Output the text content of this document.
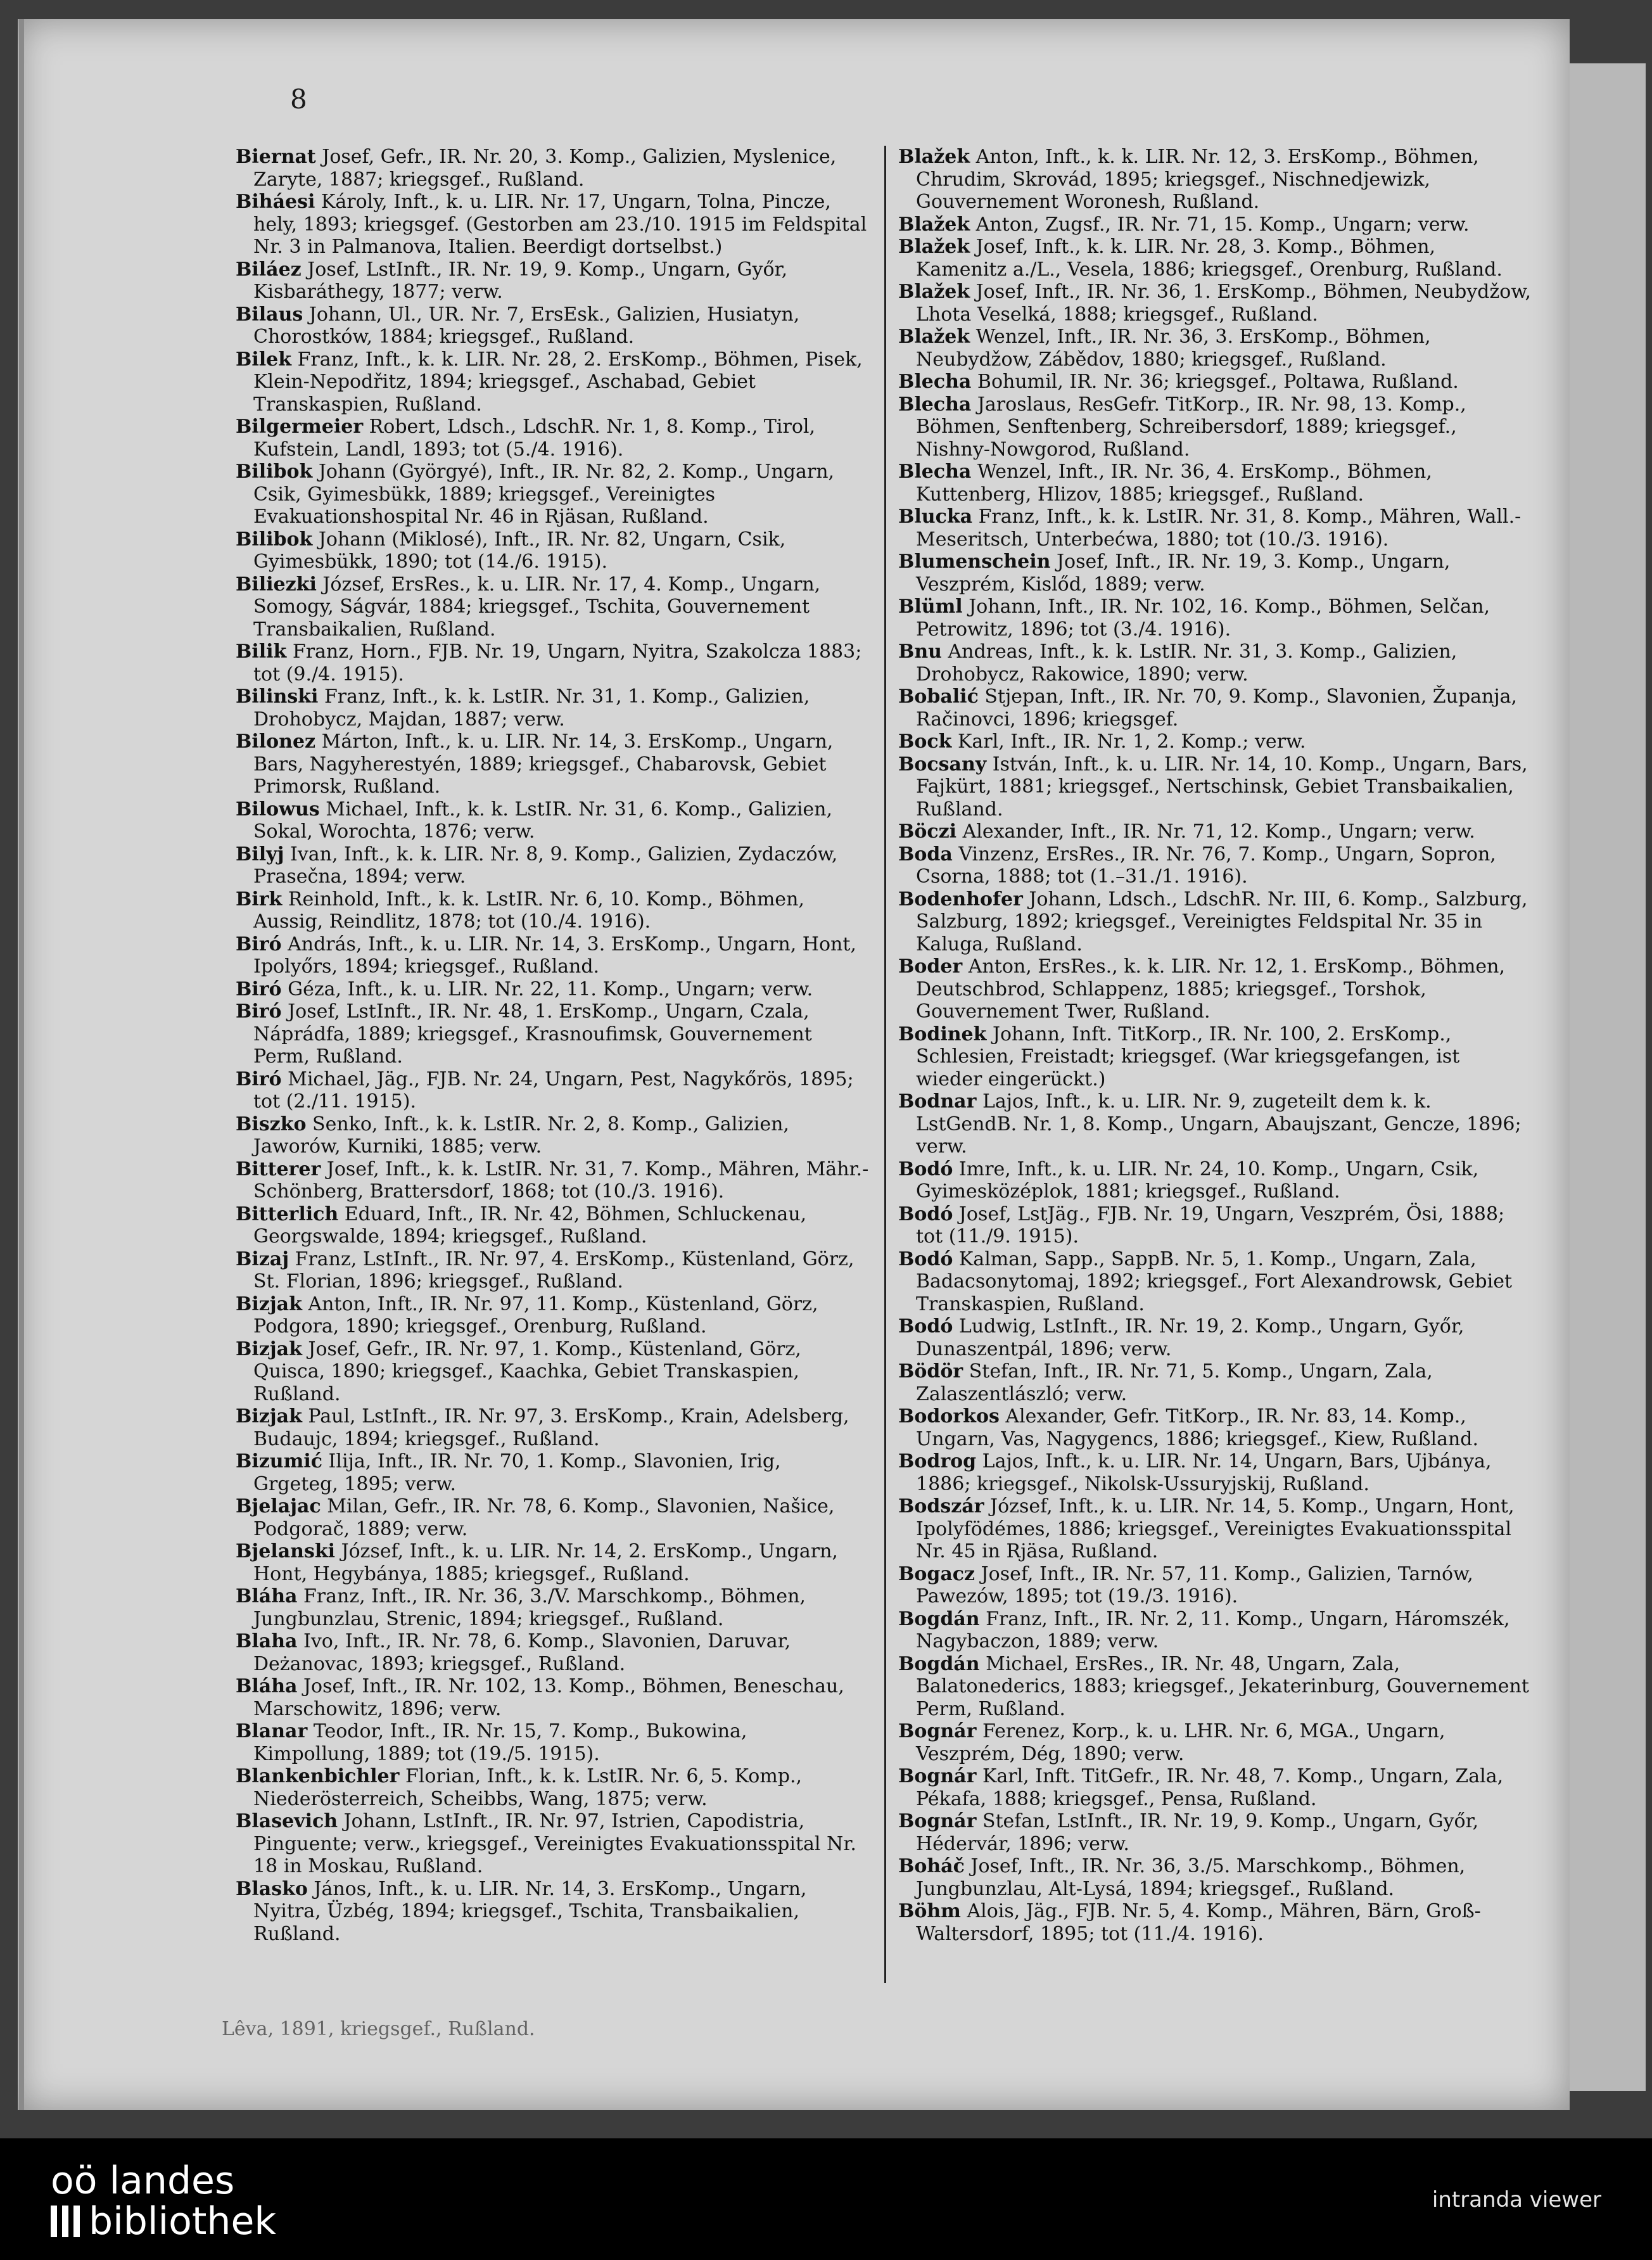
8

Biernat Josef, Gefr., IR. Nr. 20, 3. Komp., Galizien, Myslenice, Zaryte, 1887; kriegsgef., Rußland.

Biháesi Károly, Inft., k. u. LIR. Nr. 17, Ungarn, Tolna, Pincze, hely, 1893; kriegsgef. (Gestorben am 23./10. 1915 im Feldspital Nr. 3 in Palmanova, Italien. Beerdigt dortselbst.)

Biláez Josef, LstInft., IR. Nr. 19, 9. Komp., Ungarn, Győr, Kisbaráthegy, 1877; verw.

Bilaus Johann, Ul., UR. Nr. 7, ErsEsk., Galizien, Husiatyn, Chorostków, 1884; kriegsgef., Rußland.

Bilek Franz, Inft., k. k. LIR. Nr. 28, 2. ErsKomp., Böhmen, Pisek, Klein-Nepodřitz, 1894; kriegsgef., Aschabad, Gebiet Transkaspien, Rußland.

Bilgermeier Robert, Ldsch., LdschR. Nr. 1, 8. Komp., Tirol, Kufstein, Landl, 1893; tot (5./4. 1916).

Bilibok Johann (Györgyé), Inft., IR. Nr. 82, 2. Komp., Ungarn, Csik, Gyimesbükk, 1889; kriegsgef., Vereinigtes Evakuationshospital Nr. 46 in Rjäsan, Rußland.

Bilibok Johann (Miklosé), Inft., IR. Nr. 82, Ungarn, Csik, Gyimesbükk, 1890; tot (14./6. 1915).

Biliezki József, ErsRes., k. u. LIR. Nr. 17, 4. Komp., Ungarn, Somogy, Ságvár, 1884; kriegsgef., Tschita, Gouvernement Transbaikalien, Rußland.

Bilik Franz, Horn., FJB. Nr. 19, Ungarn, Nyitra, Szakolcza 1883; tot (9./4. 1915).

Bilinski Franz, Inft., k. k. LstIR. Nr. 31, 1. Komp., Galizien, Drohobycz, Majdan, 1887; verw.

Bilonez Márton, Inft., k. u. LIR. Nr. 14, 3. ErsKomp., Ungarn, Bars, Nagyherestyén, 1889; kriegsgef., Chabarovsk, Gebiet Primorsk, Rußland.

Bilowus Michael, Inft., k. k. LstIR. Nr. 31, 6. Komp., Galizien, Sokal, Worochta, 1876; verw.

Bilyj Ivan, Inft., k. k. LIR. Nr. 8, 9. Komp., Galizien, Zydaczów, Prasečna, 1894; verw.

Birk Reinhold, Inft., k. k. LstIR. Nr. 6, 10. Komp., Böhmen, Aussig, Reindlitz, 1878; tot (10./4. 1916).

Biró András, Inft., k. u. LIR. Nr. 14, 3. ErsKomp., Ungarn, Hont, Ipolyőrs, 1894; kriegsgef., Rußland.

Biró Géza, Inft., k. u. LIR. Nr. 22, 11. Komp., Ungarn; verw.

Biró Josef, LstInft., IR. Nr. 48, 1. ErsKomp., Ungarn, Czala, Náprádfa, 1889; kriegsgef., Krasnoufimsk, Gouvernement Perm, Rußland.

Biró Michael, Jäg., FJB. Nr. 24, Ungarn, Pest, Nagykőrös, 1895; tot (2./11. 1915).

Biszko Senko, Inft., k. k. LstIR. Nr. 2, 8. Komp., Galizien, Jaworów, Kurniki, 1885; verw.

Bitterer Josef, Inft., k. k. LstIR. Nr. 31, 7. Komp., Mähren, Mähr.-Schönberg, Brattersdorf, 1868; tot (10./3. 1916).

Bitterlich Eduard, Inft., IR. Nr. 42, Böhmen, Schluckenau, Georgswalde, 1894; kriegsgef., Rußland.

Bizaj Franz, LstInft., IR. Nr. 97, 4. ErsKomp., Küstenland, Görz, St. Florian, 1896; kriegsgef., Rußland.

Bizjak Anton, Inft., IR. Nr. 97, 11. Komp., Küstenland, Görz, Podgora, 1890; kriegsgef., Orenburg, Rußland.

Bizjak Josef, Gefr., IR. Nr. 97, 1. Komp., Küstenland, Görz, Quisca, 1890; kriegsgef., Kaachka, Gebiet Transkaspien, Rußland.

Bizjak Paul, LstInft., IR. Nr. 97, 3. ErsKomp., Krain, Adelsberg, Budaujc, 1894; kriegsgef., Rußland.

Bizumić Ilija, Inft., IR. Nr. 70, 1. Komp., Slavonien, Irig, Grgeteg, 1895; verw.

Bjelajac Milan, Gefr., IR. Nr. 78, 6. Komp., Slavonien, Našice, Podgorač, 1889; verw.

Bjelanski József, Inft., k. u. LIR. Nr. 14, 2. ErsKomp., Ungarn, Hont, Hegybánya, 1885; kriegsgef., Rußland.

Bláha Franz, Inft., IR. Nr. 36, 3./V. Marschkomp., Böhmen, Jungbunzlau, Strenic, 1894; kriegsgef., Rußland.

Blaha Ivo, Inft., IR. Nr. 78, 6. Komp., Slavonien, Daruvar, Deżanovac, 1893; kriegsgef., Rußland.

Bláha Josef, Inft., IR. Nr. 102, 13. Komp., Böhmen, Beneschau, Marschowitz, 1896; verw.

Blanar Teodor, Inft., IR. Nr. 15, 7. Komp., Bukowina, Kimpollung, 1889; tot (19./5. 1915).

Blankenbichler Florian, Inft., k. k. LstIR. Nr. 6, 5. Komp., Niederösterreich, Scheibbs, Wang, 1875; verw.

Blasevich Johann, LstInft., IR. Nr. 97, Istrien, Capodistria, Pinguente; verw., kriegsgef., Vereinigtes Evakuationsspital Nr. 18 in Moskau, Rußland.

Blasko János, Inft., k. u. LIR. Nr. 14, 3. ErsKomp., Ungarn, Nyitra, Üzbég, 1894; kriegsgef., Tschita, Transbaikalien, Rußland.

Blažek Anton, Inft., k. k. LIR. Nr. 12, 3. ErsKomp., Böhmen, Chrudim, Skrovád, 1895; kriegsgef., Nischnedjewizk, Gouvernement Woronesh, Rußland.

Blažek Anton, Zugsf., IR. Nr. 71, 15. Komp., Ungarn; verw.

Blažek Josef, Inft., k. k. LIR. Nr. 28, 3. Komp., Böhmen, Kamenitz a./L., Vesela, 1886; kriegsgef., Orenburg, Rußland.

Blažek Josef, Inft., IR. Nr. 36, 1. ErsKomp., Böhmen, Neubydžow, Lhota Veselká, 1888; kriegsgef., Rußland.

Blažek Wenzel, Inft., IR. Nr. 36, 3. ErsKomp., Böhmen, Neubydžow, Zábědov, 1880; kriegsgef., Rußland.

Blecha Bohumil, IR. Nr. 36; kriegsgef., Poltawa, Rußland.

Blecha Jaroslaus, ResGefr. TitKorp., IR. Nr. 98, 13. Komp., Böhmen, Senftenberg, Schreibersdorf, 1889; kriegsgef., Nishny-Nowgorod, Rußland.

Blecha Wenzel, Inft., IR. Nr. 36, 4. ErsKomp., Böhmen, Kuttenberg, Hlizov, 1885; kriegsgef., Rußland.

Blucka Franz, Inft., k. k. LstIR. Nr. 31, 8. Komp., Mähren, Wall.-Meseritsch, Unterbećwa, 1880; tot (10./3. 1916).

Blumenschein Josef, Inft., IR. Nr. 19, 3. Komp., Ungarn, Veszprém, Kislőd, 1889; verw.

Blüml Johann, Inft., IR. Nr. 102, 16. Komp., Böhmen, Selčan, Petrowitz, 1896; tot (3./4. 1916).

Bnu Andreas, Inft., k. k. LstIR. Nr. 31, 3. Komp., Galizien, Drohobycz, Rakowice, 1890; verw.

Bobalić Stjepan, Inft., IR. Nr. 70, 9. Komp., Slavonien, Županja, Račinovci, 1896; kriegsgef.

Bock Karl, Inft., IR. Nr. 1, 2. Komp.; verw.

Bocsany István, Inft., k. u. LIR. Nr. 14, 10. Komp., Ungarn, Bars, Fajkürt, 1881; kriegsgef., Nertschinsk, Gebiet Transbaikalien, Rußland.

Böczi Alexander, Inft., IR. Nr. 71, 12. Komp., Ungarn; verw.

Boda Vinzenz, ErsRes., IR. Nr. 76, 7. Komp., Ungarn, Sopron, Csorna, 1888; tot (1.–31./1. 1916).

Bodenhofer Johann, Ldsch., LdschR. Nr. III, 6. Komp., Salzburg, Salzburg, 1892; kriegsgef., Vereinigtes Feldspital Nr. 35 in Kaluga, Rußland.

Boder Anton, ErsRes., k. k. LIR. Nr. 12, 1. ErsKomp., Böhmen, Deutschbrod, Schlappenz, 1885; kriegsgef., Torshok, Gouvernement Twer, Rußland.

Bodinek Johann, Inft. TitKorp., IR. Nr. 100, 2. ErsKomp., Schlesien, Freistadt; kriegsgef. (War kriegsgefangen, ist wieder eingerückt.)

Bodnar Lajos, Inft., k. u. LIR. Nr. 9, zugeteilt dem k. k. LstGendB. Nr. 1, 8. Komp., Ungarn, Abaujszant, Gencze, 1896; verw.

Bodó Imre, Inft., k. u. LIR. Nr. 24, 10. Komp., Ungarn, Csik, Gyimesközéplok, 1881; kriegsgef., Rußland.

Bodó Josef, LstJäg., FJB. Nr. 19, Ungarn, Veszprém, Ösi, 1888; tot (11./9. 1915).

Bodó Kalman, Sapp., SappB. Nr. 5, 1. Komp., Ungarn, Zala, Badacsonytomaj, 1892; kriegsgef., Fort Alexandrowsk, Gebiet Transkaspien, Rußland.

Bodó Ludwig, LstInft., IR. Nr. 19, 2. Komp., Ungarn, Győr, Dunaszentpál, 1896; verw.

Bödör Stefan, Inft., IR. Nr. 71, 5. Komp., Ungarn, Zala, Zalaszentlászló; verw.

Bodorkos Alexander, Gefr. TitKorp., IR. Nr. 83, 14. Komp., Ungarn, Vas, Nagygencs, 1886; kriegsgef., Kiew, Rußland.

Bodrog Lajos, Inft., k. u. LIR. Nr. 14, Ungarn, Bars, Ujbánya, 1886; kriegsgef., Nikolsk-Ussuryjskij, Rußland.

Bodszár József, Inft., k. u. LIR. Nr. 14, 5. Komp., Ungarn, Hont, Ipolyfödémes, 1886; kriegsgef., Vereinigtes Evakuationsspital Nr. 45 in Rjäsa, Rußland.

Bogacz Josef, Inft., IR. Nr. 57, 11. Komp., Galizien, Tarnów, Pawezów, 1895; tot (19./3. 1916).

Bogdán Franz, Inft., IR. Nr. 2, 11. Komp., Ungarn, Háromszék, Nagybaczon, 1889; verw.

Bogdán Michael, ErsRes., IR. Nr. 48, Ungarn, Zala, Balatonederics, 1883; kriegsgef., Jekaterinburg, Gouvernement Perm, Rußland.

Bognár Ferenez, Korp., k. u. LHR. Nr. 6, MGA., Ungarn, Veszprém, Dég, 1890; verw.

Bognár Karl, Inft. TitGefr., IR. Nr. 48, 7. Komp., Ungarn, Zala, Pékafa, 1888; kriegsgef., Pensa, Rußland.

Bognár Stefan, LstInft., IR. Nr. 19, 9. Komp., Ungarn, Győr, Hédervár, 1896; verw.

Boháč Josef, Inft., IR. Nr. 36, 3./5. Marschkomp., Böhmen, Jungbunzlau, Alt-Lysá, 1894; kriegsgef., Rußland.

Böhm Alois, Jäg., FJB. Nr. 5, 4. Komp., Mähren, Bärn, Groß-Waltersdorf, 1895; tot (11./4. 1916).

Lêva, 1891, kriegsgef., Rußland.
oö landes
bibliothek	intranda viewer
